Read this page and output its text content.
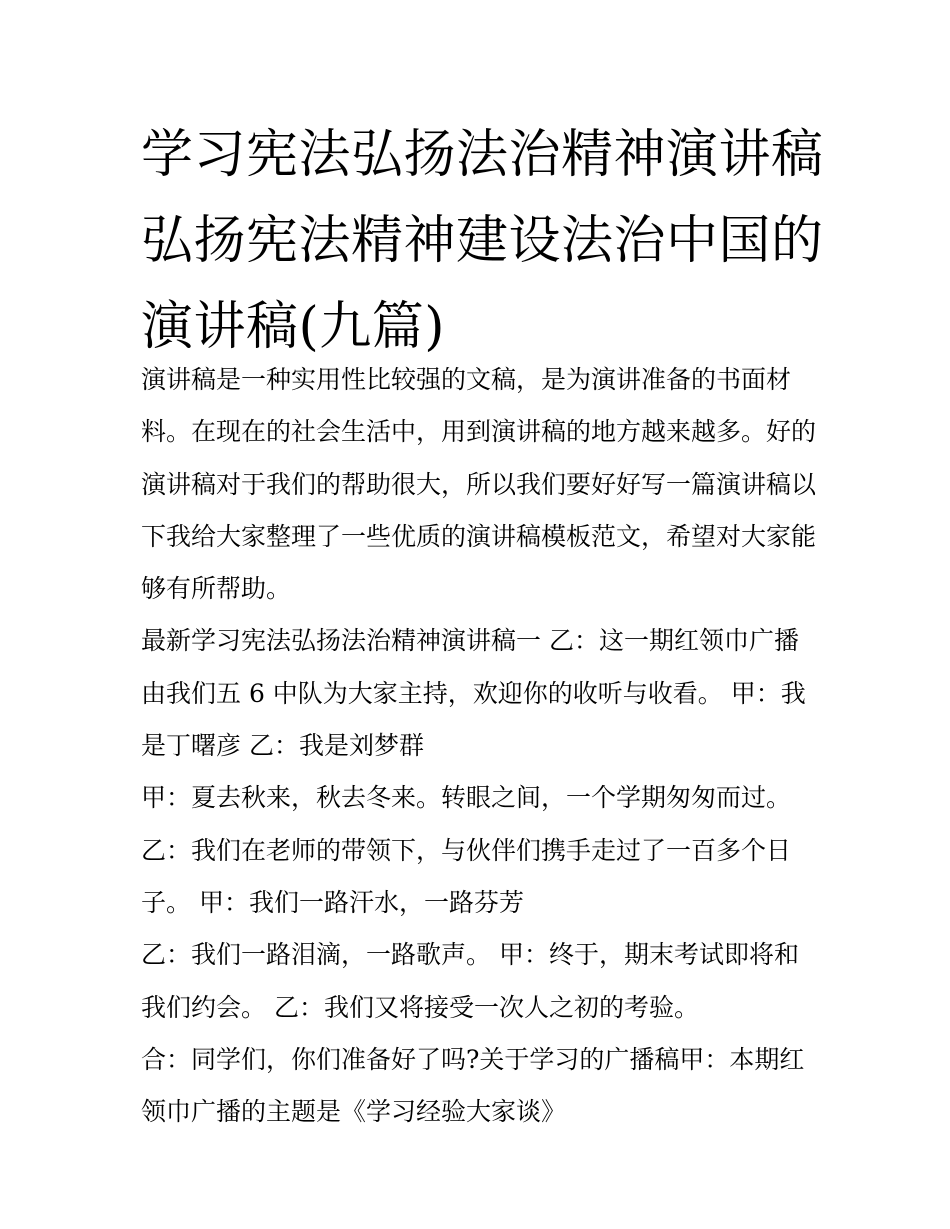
学习宪法弘扬法治精神演讲稿
弘扬宪法精神建设法治中国的
演讲稿(九篇)

演讲稿是一种实用性比较强的文稿，是为演讲准备的书面材
料。在现在的社会生活中，用到演讲稿的地方越来越多。好的
演讲稿对于我们的帮助很大，所以我们要好好写一篇演讲稿以
下我给大家整理了一些优质的演讲稿模板范文，希望对大家能
够有所帮助。

最新学习宪法弘扬法治精神演讲稿一 乙：这一期红领巾广播
由我们五 6 中队为大家主持，欢迎你的收听与收看。 甲：我
是丁曙彦 乙：我是刘梦群

甲：夏去秋来，秋去冬来。转眼之间，一个学期匆匆而过。
乙：我们在老师的带领下，与伙伴们携手走过了一百多个日
子。 甲：我们一路汗水，一路芬芳

乙：我们一路泪滴，一路歌声。 甲：终于，期末考试即将和
我们约会。 乙：我们又将接受一次人之初的考验。

合：同学们，你们准备好了吗?关于学习的广播稿甲：本期红
领巾广播的主题是《学习经验大家谈》
